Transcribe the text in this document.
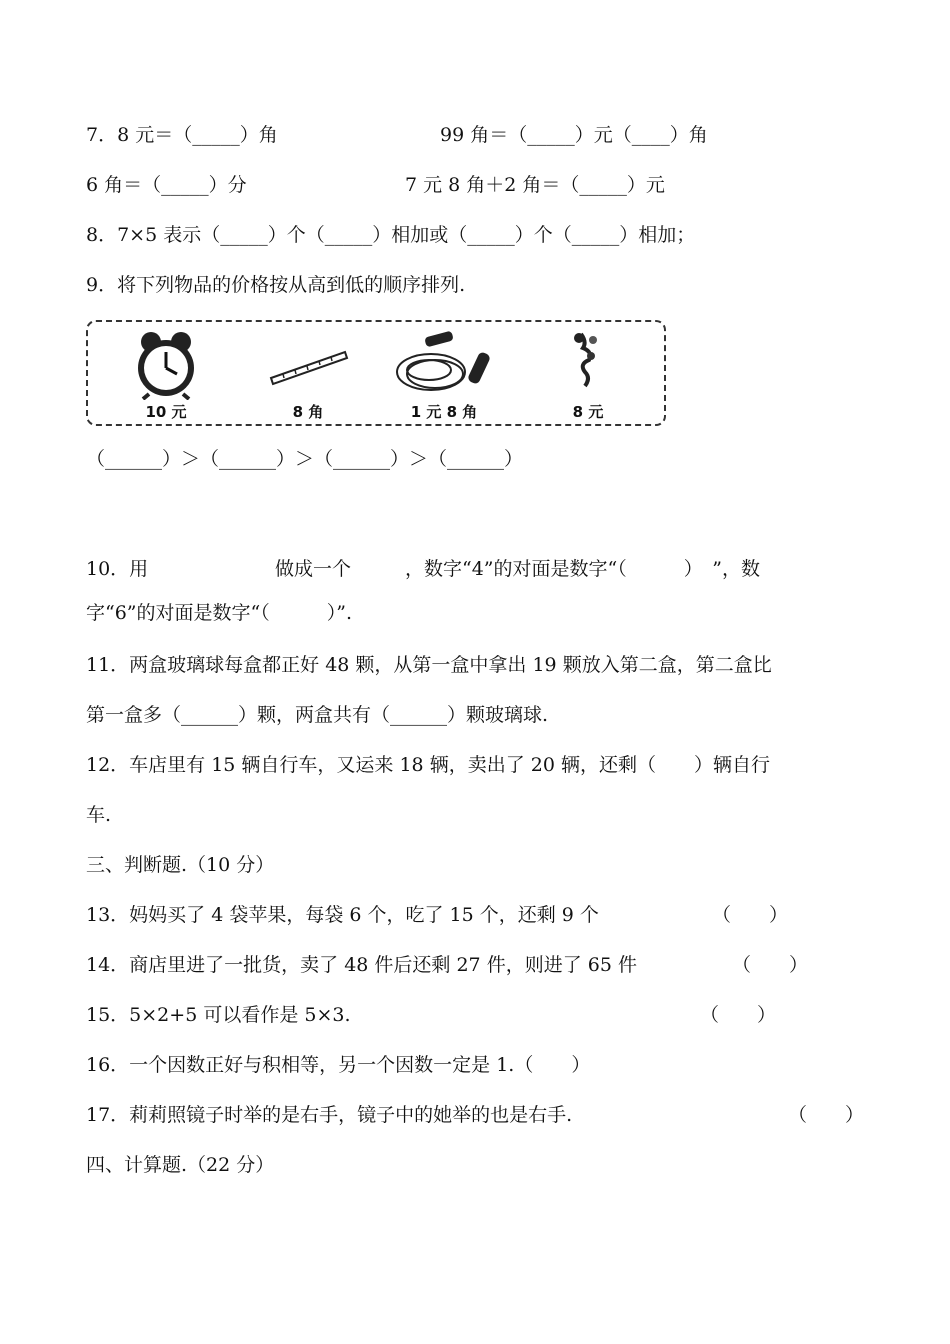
7．8 元＝（_____）角	99 角＝（_____）元（____）角
6 角＝（_____）分	7 元 8 角＋2 角＝（_____）元
8．7×5 表示（_____）个（_____）相加或（_____）个（_____）相加；
9．将下列物品的价格按从高到低的顺序排列.
10 元	8 角	1 元 8 角	8 元
（______）＞（______）＞（______）＞（______）
10．用	做成一个	，数字“4”的对面是数字“（　　　）　”，数
字“6”的对面是数字“（　　　）”.
11．两盒玻璃球每盒都正好 48 颗，从第一盒中拿出 19 颗放入第二盒，第二盒比
第一盒多（______）颗，两盒共有（______）颗玻璃球.
12．车店里有 15 辆自行车，又运来 18 辆，卖出了 20 辆，还剩（　　）辆自行
车.
三、判断题.（10 分）
13．妈妈买了 4 袋苹果，每袋 6 个，吃了 15 个，还剩 9 个	（　　）
14．商店里进了一批货，卖了 48 件后还剩 27 件，则进了 65 件	（　　）
15．5×2+5 可以看作是 5×3.	（　　）
16．一个因数正好与积相等，另一个因数一定是 1.（　　）
17．莉莉照镜子时举的是右手，镜子中的她举的也是右手.	（　　）
四、计算题.（22 分）
